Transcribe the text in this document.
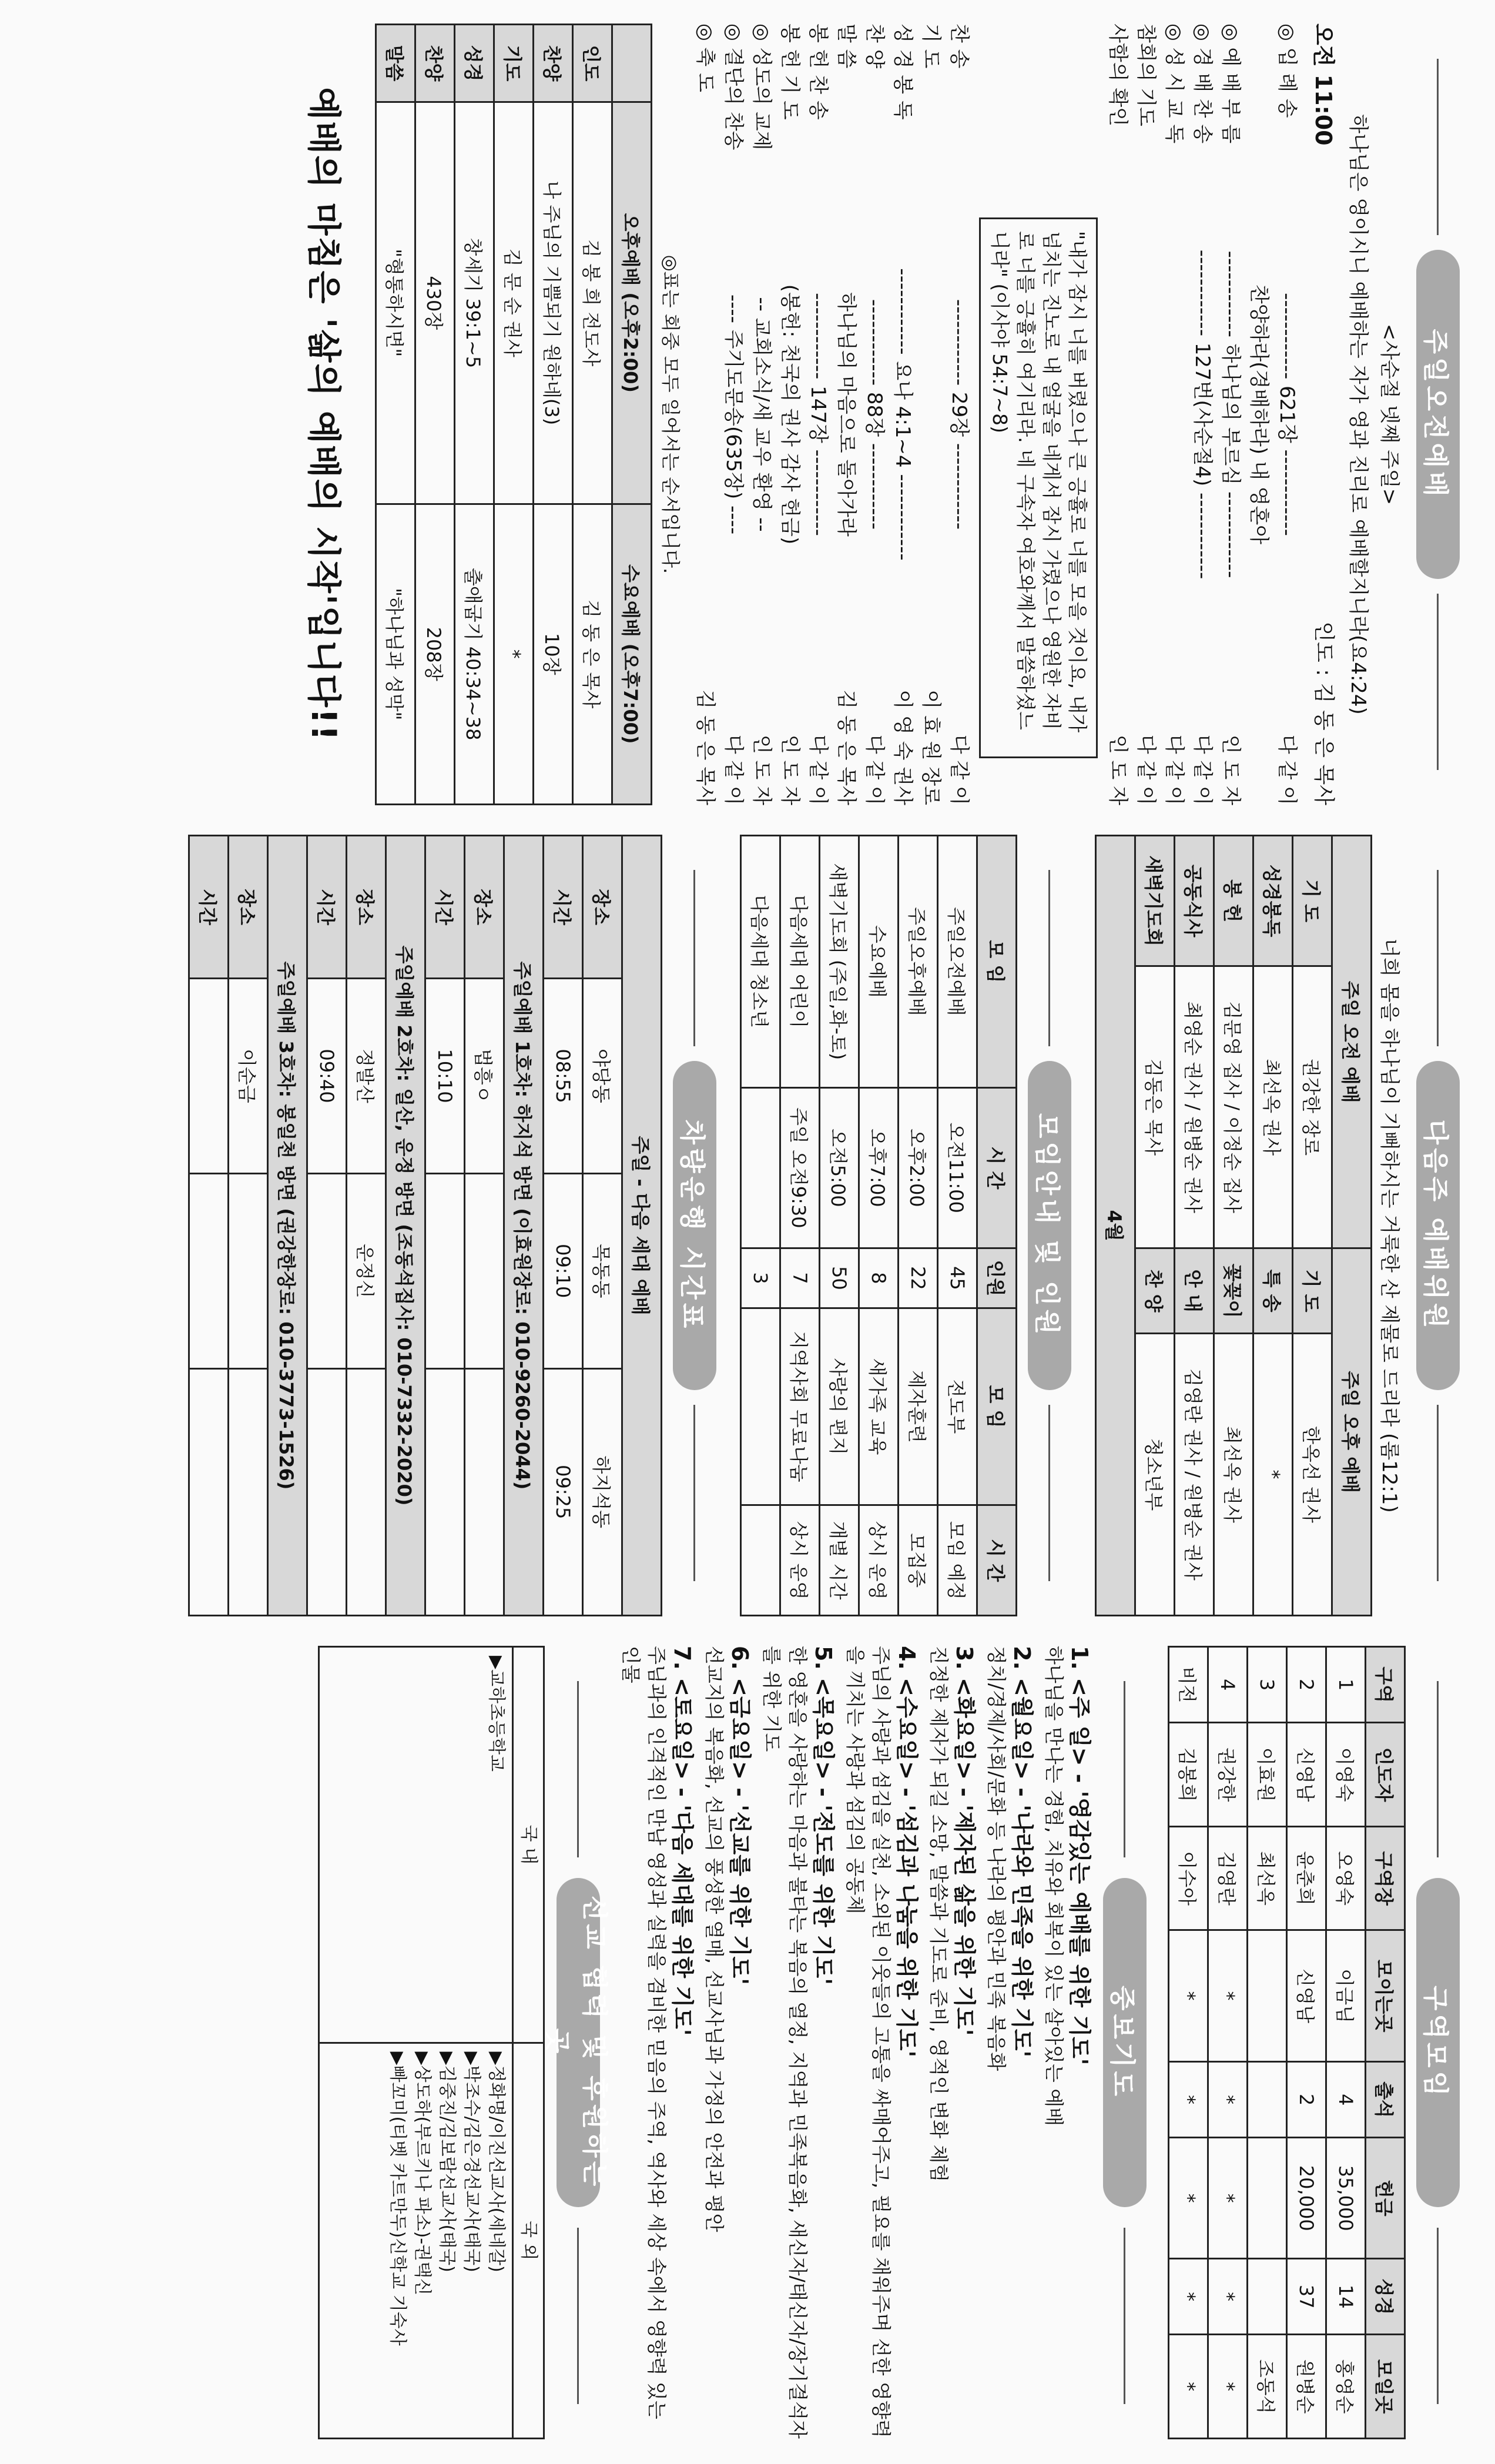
주일오전예배
<사순절 넷째 주일>
하나님은 영이시니 예배하는 자가 영과 진리로 예배할지니라(요4:24)
오전 11:00
인도 : 김 동 은 목사
◎ 입 례 송
------------ 621장 ------------
다 같 이
찬양하라(경배하라) 내 영혼아
◎ 예 배 부 름
------------ 하나님의 부르심 ------------
인 도 자
◎ 경 배 찬 송
------------ 127번(사순절4) ------------
다 같 이
◎ 성 시 교 독
다 같 이
참회의 기도
다 같 이
사함의 확인
인 도 자
"내가 잠시 너를 버렸으나 큰 긍휼로 너를 모을 것이요, 내가 넘치는 진노로 내 얼굴을 네게서 잠시 가렸으나 영원한 자비로 너를 긍휼히 여기리라. 네 구속자 여호와께서 말씀하셨느니라" (이사야 54:7~8)
찬 송
------------ 29장 ------------
다 같 이
기 도
이 효 원 장로
성 경 봉 독
------------ 요나 4:1~4 ------------
이 영 숙 권사
찬 양
------------ 88장 ------------
다 같 이
말 씀
하나님의 마음으로 돌아가라
김 동 은 목사
봉 헌 찬 송
------------ 147장 ------------
다 같 이
봉 헌 기 도
(봉헌: 천국의 권사 감사 헌금)
인 도 자
◎ 성도의 교제
-- 교회소식/새 교우 환영 --
인 도 자
◎ 결단의 찬송
---- 주기도문송(635장) ----
다 같 이
◎ 축 도
김 동 은 목사
◎표는 회중 모두 일어서는 순서입니다.
	오후예배 (오후2:00)	수요예배 (오후7:00)
인도	김 봉 희 전도사	김 동 은 목사
찬양	나 주님의 기쁨되기 원하네(3)	10장
기도	김 문 순 권사	*
성경	창세기 39:1~5	출애굽기 40:34~38
찬양	430장	208장
말씀	"형통하시면"	"하나님과 성막"
예배의 마침은 '삶의 예배의 시작'입니다!!
다음주 예배위원
너희 몸을 하나님이 기뻐하시는 거룩한 산 제물로 드리라 (롬12:1)
주일 오전 예배		주일 오후 예배	
기 도	권강한 장로	기 도	한옥선 권사
성경봉독	최선옥 권사	특 송	*
봉 헌	김문영 집사 / 이정순 집사	꽃꽂이	최선옥 권사
공동식사	최영순 권사 / 원병순 권사	안 내	김영란 권사 / 원병순 권사
새벽기도회	김동은 목사	찬 양	청소년부
4월			
모임안내 및 인원
모 임	시 간	인원	모 임	시 간
주일오전예배	오전11:00	45	전도부	모임 예정
주일오후예배	오후2:00	22	제자훈련	모집중
수요예배	오후7:00	8	새가족 교육	상시 운영
새벽기도회 (주일,화-토)	오전5:00	50	사랑의 편지	개별 시간
다음세대 어린이	주일 오전9:30	7	지역사회 무료나눔	상시 운영
다음세대 청소년		3		
차량운행 시간표
주일 - 다음 세대 예배			
장소	야당동	목동동	하지석동
시간	08:55	09:10	09:25
주일예배 1호차: 하지석 방면 (이효원장로: 010-9260-2044)			
장소	법흥ㅇ		
시간	10:10		
주일예배 2호차: 일산, 운정 방면 (조동석집사: 010-7332-2020)			
장소	정발산	운정신	
시간	09:40		
주일예배 3호차: 봉일천 방면 (권강한장로: 010-3773-1526)			
장소	이순금		
시간			
구역모임
구역	인도자	구역장	모이는곳	출석	헌금	성경	모일곳
1	이영숙	오영숙	이금님	4	35,000	14	홍영순
2	신영남	윤춘희	신영남	2	20,000	37	원병순
3	이효원	최선옥					조동석
4	권강한	김영란	*	*	*	*	*
비전	김봉희	이수아	*	*	*	*	*
중보기도
1. <주 일> - '영감있는 예배를 위한 기도'
하나님을 만나는 경험, 치유와 회복이 있는 살아있는 예배
2. <월요일> - '나라와 민족을 위한 기도'
정치/경제/사회/문화 등 나라의 평안과 민족 복음화
3. <화요일> - '제자된 삶을 위한 기도'
진정한 제자가 되길 소망, 말씀과 기도로 준비, 영적인 변화 체험
4. <수요일> - '섬김과 나눔을 위한 기도'
주님의 사랑과 섬김을 실천, 소외된 이웃들의 고통을 싸매어주고, 필요를 채워주며 선한 영향력을 끼치는 사랑과 섬김의 공동체
5. <목요일> - '전도를 위한 기도'
한 영혼을 사랑하는 마음과 불타는 복음의 열정, 지역과 민족복음화, 새신자/태신자/장기결석자를 위한 기도
6. <금요일> - '선교를 위한 기도'
선교지의 복음화, 선교의 풍성한 열매, 선교사님과 가정의 안전과 평안
7. <토요일> - '다음 세대를 위한 기도'
주님과의 인격적인 만남 영성과 실력을 겸비한 믿음의 주역, 역사와 세상 속에서 영향력 있는 인물
선교 협력 및 후원하는 곳
국 내
▶교하초등학교
국 외
▶정화명/이진선교사(세네갈)
▶박조수/김은경선교사(태국)
▶김중진/김보람선교사(태국)
▶상도하(부르키나 파소)-권택신
▶빠꼬미(티벳 카트만두)신학교 기숙사
